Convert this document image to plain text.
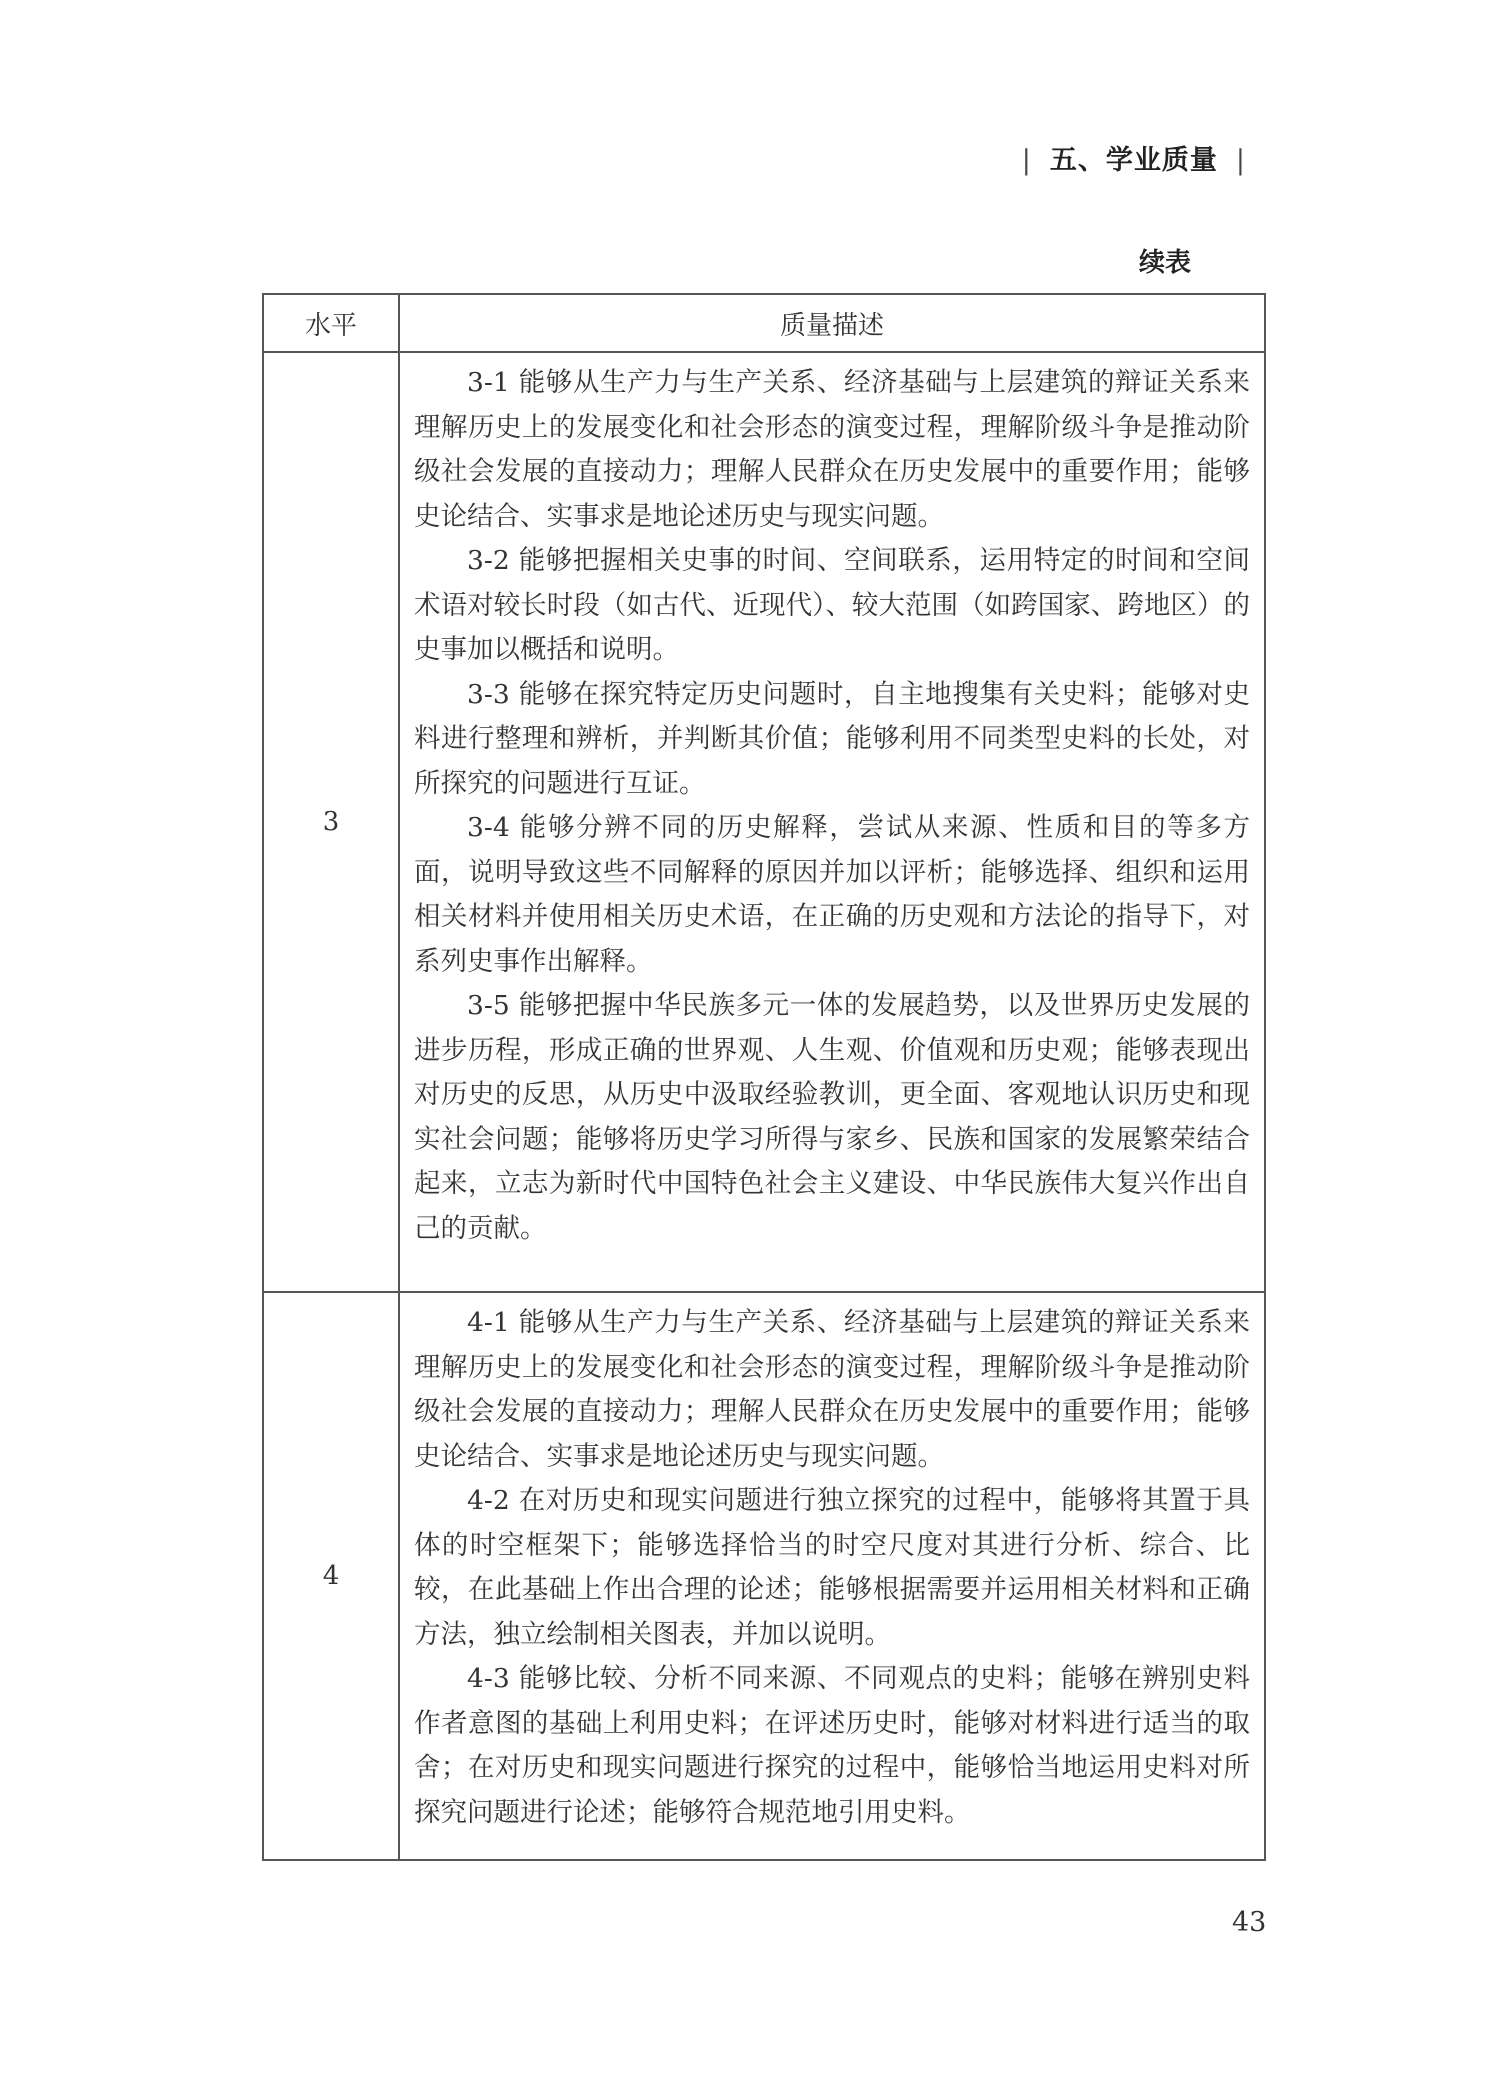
| 五、学业质量 |
续表
水平	质量描述
3	3-1 能够从生产力与生产关系、经济基础与上层建筑的辩证关系来理解历史上的发展变化和社会形态的演变过程，理解阶级斗争是推动阶级社会发展的直接动力；理解人民群众在历史发展中的重要作用；能够史论结合、实事求是地论述历史与现实问题。

3-2 能够把握相关史事的时间、空间联系，运用特定的时间和空间术语对较长时段（如古代、近现代）、较大范围（如跨国家、跨地区）的史事加以概括和说明。

3-3 能够在探究特定历史问题时，自主地搜集有关史料；能够对史料进行整理和辨析，并判断其价值；能够利用不同类型史料的长处，对所探究的问题进行互证。

3-4 能够分辨不同的历史解释，尝试从来源、性质和目的等多方面，说明导致这些不同解释的原因并加以评析；能够选择、组织和运用相关材料并使用相关历史术语，在正确的历史观和方法论的指导下，对系列史事作出解释。

3-5 能够把握中华民族多元一体的发展趋势，以及世界历史发展的进步历程，形成正确的世界观、人生观、价值观和历史观；能够表现出对历史的反思，从历史中汲取经验教训，更全面、客观地认识历史和现实社会问题；能够将历史学习所得与家乡、民族和国家的发展繁荣结合起来，立志为新时代中国特色社会主义建设、中华民族伟大复兴作出自己的贡献。

4	4-1 能够从生产力与生产关系、经济基础与上层建筑的辩证关系来理解历史上的发展变化和社会形态的演变过程，理解阶级斗争是推动阶级社会发展的直接动力；理解人民群众在历史发展中的重要作用；能够史论结合、实事求是地论述历史与现实问题。

4-2 在对历史和现实问题进行独立探究的过程中，能够将其置于具体的时空框架下；能够选择恰当的时空尺度对其进行分析、综合、比较，在此基础上作出合理的论述；能够根据需要并运用相关材料和正确方法，独立绘制相关图表，并加以说明。

4-3 能够比较、分析不同来源、不同观点的史料；能够在辨别史料作者意图的基础上利用史料；在评述历史时，能够对材料进行适当的取舍；在对历史和现实问题进行探究的过程中，能够恰当地运用史料对所探究问题进行论述；能够符合规范地引用史料。

43
